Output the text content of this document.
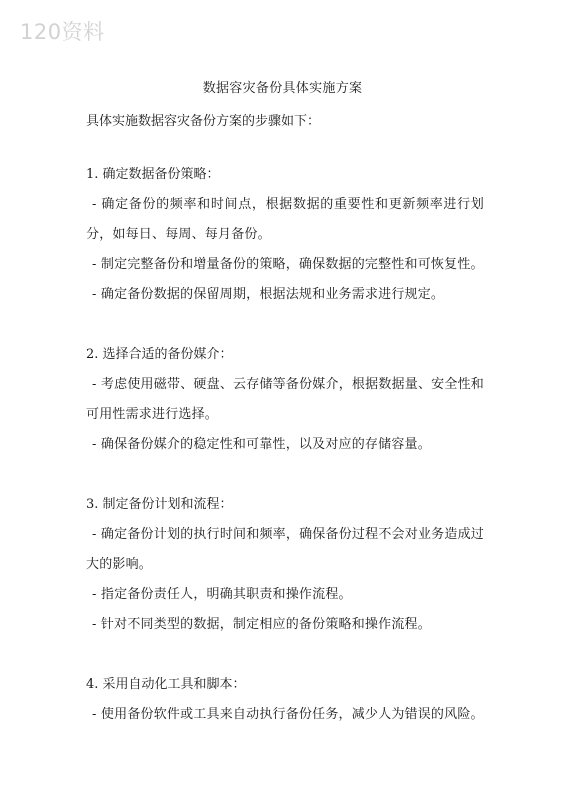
120资料
数据容灾备份具体实施方案
具体实施数据容灾备份方案的步骤如下：
1. 确定数据备份策略：
- 确定备份的频率和时间点，根据数据的重要性和更新频率进行划分，如每日、每周、每月备份。
- 制定完整备份和增量备份的策略，确保数据的完整性和可恢复性。
- 确定备份数据的保留周期，根据法规和业务需求进行规定。
2. 选择合适的备份媒介：
- 考虑使用磁带、硬盘、云存储等备份媒介，根据数据量、安全性和可用性需求进行选择。
- 确保备份媒介的稳定性和可靠性，以及对应的存储容量。
3. 制定备份计划和流程：
- 确定备份计划的执行时间和频率，确保备份过程不会对业务造成过大的影响。
- 指定备份责任人，明确其职责和操作流程。
- 针对不同类型的数据，制定相应的备份策略和操作流程。
4. 采用自动化工具和脚本：
- 使用备份软件或工具来自动执行备份任务，减少人为错误的风险。
